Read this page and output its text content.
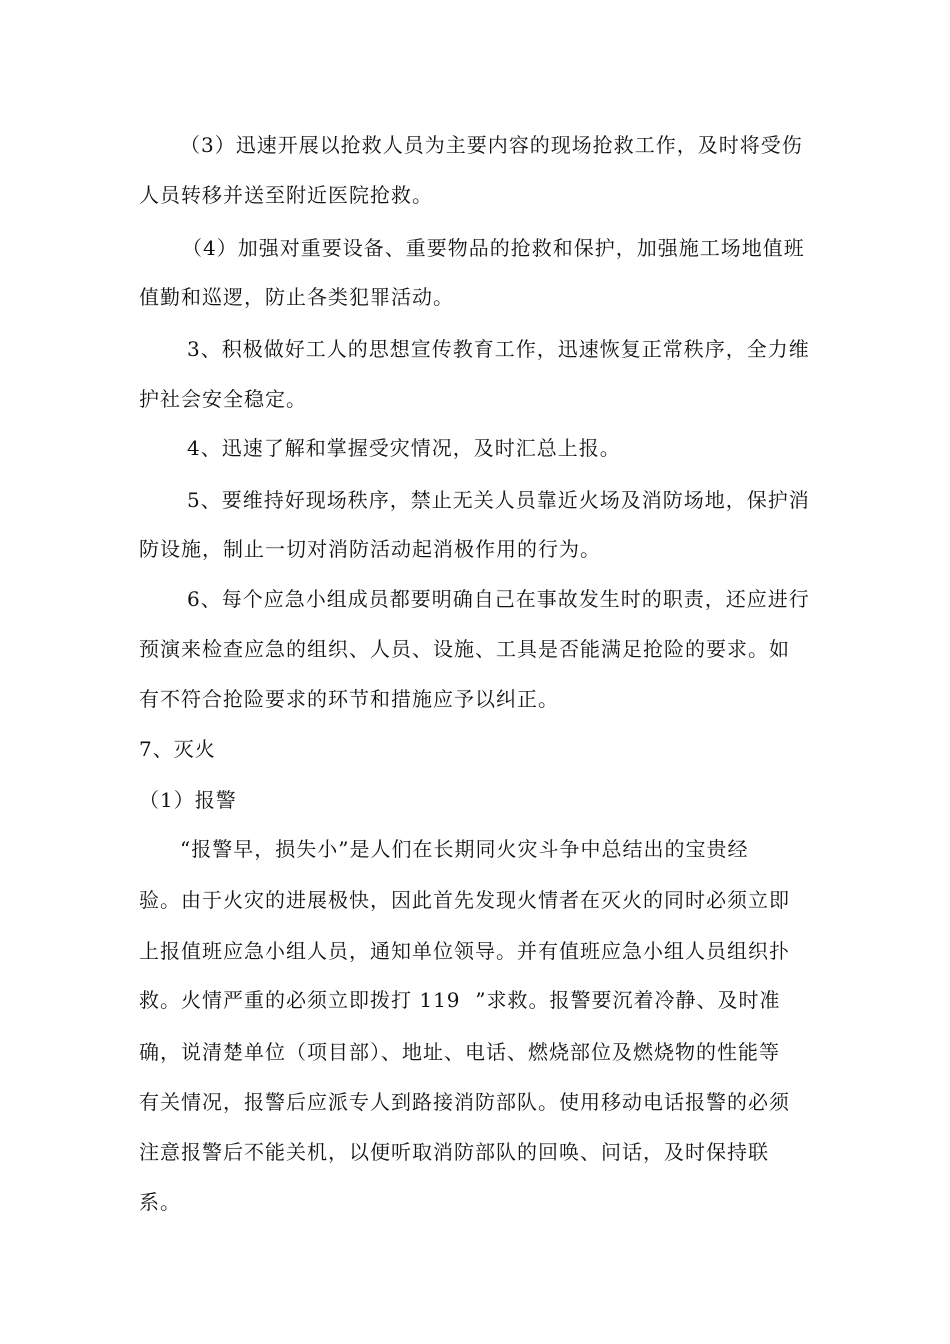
（3）迅速开展以抢救人员为主要内容的现场抢救工作，及时将受伤
人员转移并送至附近医院抢救。
（4）加强对重要设备、重要物品的抢救和保护，加强施工场地值班
值勤和巡逻，防止各类犯罪活动。
3、积极做好工人的思想宣传教育工作，迅速恢复正常秩序，全力维
护社会安全稳定。
4、迅速了解和掌握受灾情况，及时汇总上报。
5、要维持好现场秩序，禁止无关人员靠近火场及消防场地，保护消
防设施，制止一切对消防活动起消极作用的行为。
6、每个应急小组成员都要明确自己在事故发生时的职责，还应进行
预演来检查应急的组织、人员、设施、工具是否能满足抢险的要求。如
有不符合抢险要求的环节和措施应予以纠正。
7、灭火
（1）报警
“报警早，损失小”是人们在长期同火灾斗争中总结出的宝贵经
验。由于火灾的进展极快，因此首先发现火情者在灭火的同时必须立即
上报值班应急小组人员，通知单位领导。并有值班应急小组人员组织扑
救。火情严重的必须立即拨打 119  ”求救。报警要沉着冷静、及时准
确，说清楚单位（项目部）、地址、电话、燃烧部位及燃烧物的性能等
有关情况，报警后应派专人到路接消防部队。使用移动电话报警的必须
注意报警后不能关机，以便听取消防部队的回唤、问话，及时保持联
系。
